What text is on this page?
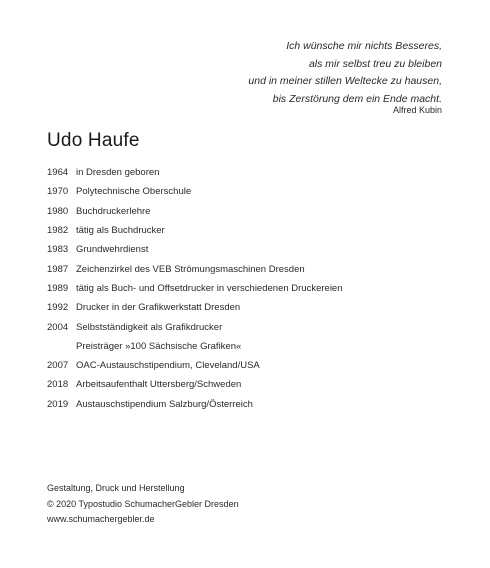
Ich wünsche mir nichts Besseres,
als mir selbst treu zu bleiben
und in meiner stillen Weltecke zu hausen,
bis Zerstörung dem ein Ende macht.
Alfred Kubin
Udo Haufe
1964 in Dresden geboren
1970 Polytechnische Oberschule
1980 Buchdruckerlehre
1982 tätig als Buchdrucker
1983 Grundwehrdienst
1987 Zeichenzirkel des VEB Strömungsmaschinen Dresden
1989 tätig als Buch- und Offsetdrucker in verschiedenen Druckereien
1992 Drucker in der Grafikwerkstatt Dresden
2004 Selbstständigkeit als Grafikdrucker
Preisträger »100 Sächsische Grafiken«
2007 OAC-Austauschstipendium, Cleveland/USA
2018 Arbeitsaufenthalt Uttersberg/Schweden
2019 Austauschstipendium Salzburg/Österreich
Gestaltung, Druck und Herstellung
© 2020 Typostudio SchumacherGebler Dresden
www.schumachergebler.de
